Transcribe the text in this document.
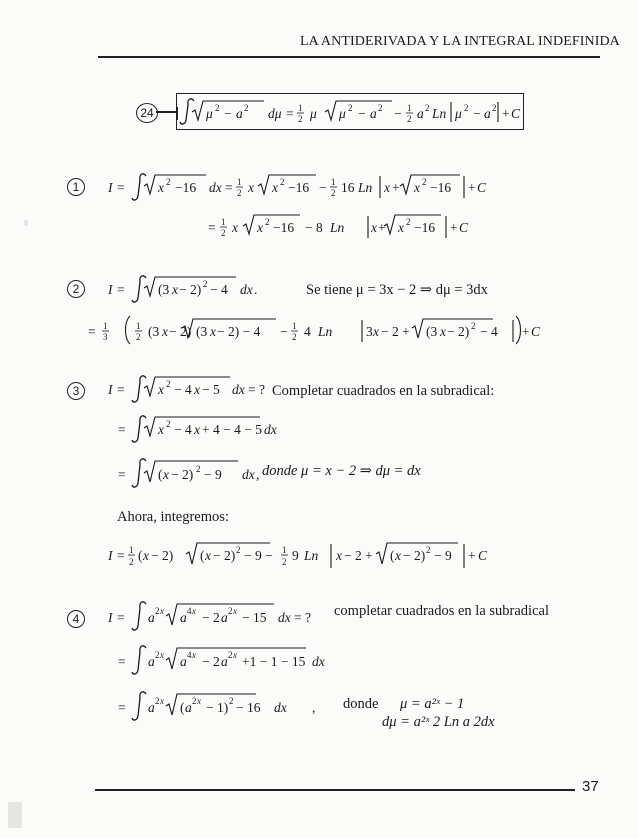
LA ANTIDERIVADA Y LA INTEGRAL INDEFINIDA
24	μ 2 − a 2 dμ = 1
2 μ μ 2 − a 2 − 1
2 a 2 Ln μ 2 − a 2 + C
1	I = x 2 −16 dx = 1
2 x x 2 −16 − 1
2 16 Ln x + x 2 −16 + C
= 1
2 x x 2 −16 − 8 Ln x + x 2 −16 + C
2	I = (3 x − 2) 2 − 4 dx .
= 1
3
1
2 (3 x − 2) (3 x − 2) − 4 − 1
2 4 Ln 3 x − 2 + (3 x − 2) 2 − 4 + C
Se tiene μ = 3x − 2 ⇒ dμ = 3dx
3	I = x 2 − 4 x − 5 dx = ? Completar cuadrados en la subradical:
= x 2 − 4 x + 4 − 4 − 5 dx
= ( x − 2) 2 − 9 dx , donde μ = x − 2 ⇒ dμ = dx
Ahora, integremos:
I = 1
2 ( x − 2) ( x − 2) 2 − 9 − 1
2 9 Ln x − 2 + ( x − 2) 2 − 9 + C
4	I = a 2 x a 4 x − 2 a 2 x − 15 dx = ? completar cuadrados en la subradical
= a 2 x a 4 x − 2 a 2 x +1 − 1 − 15 dx
= a 2 x ( a 2 x − 1) 2 − 16 dx , donde μ = a²ˣ − 1
dμ = a²ˣ 2 Ln a 2dx
37
